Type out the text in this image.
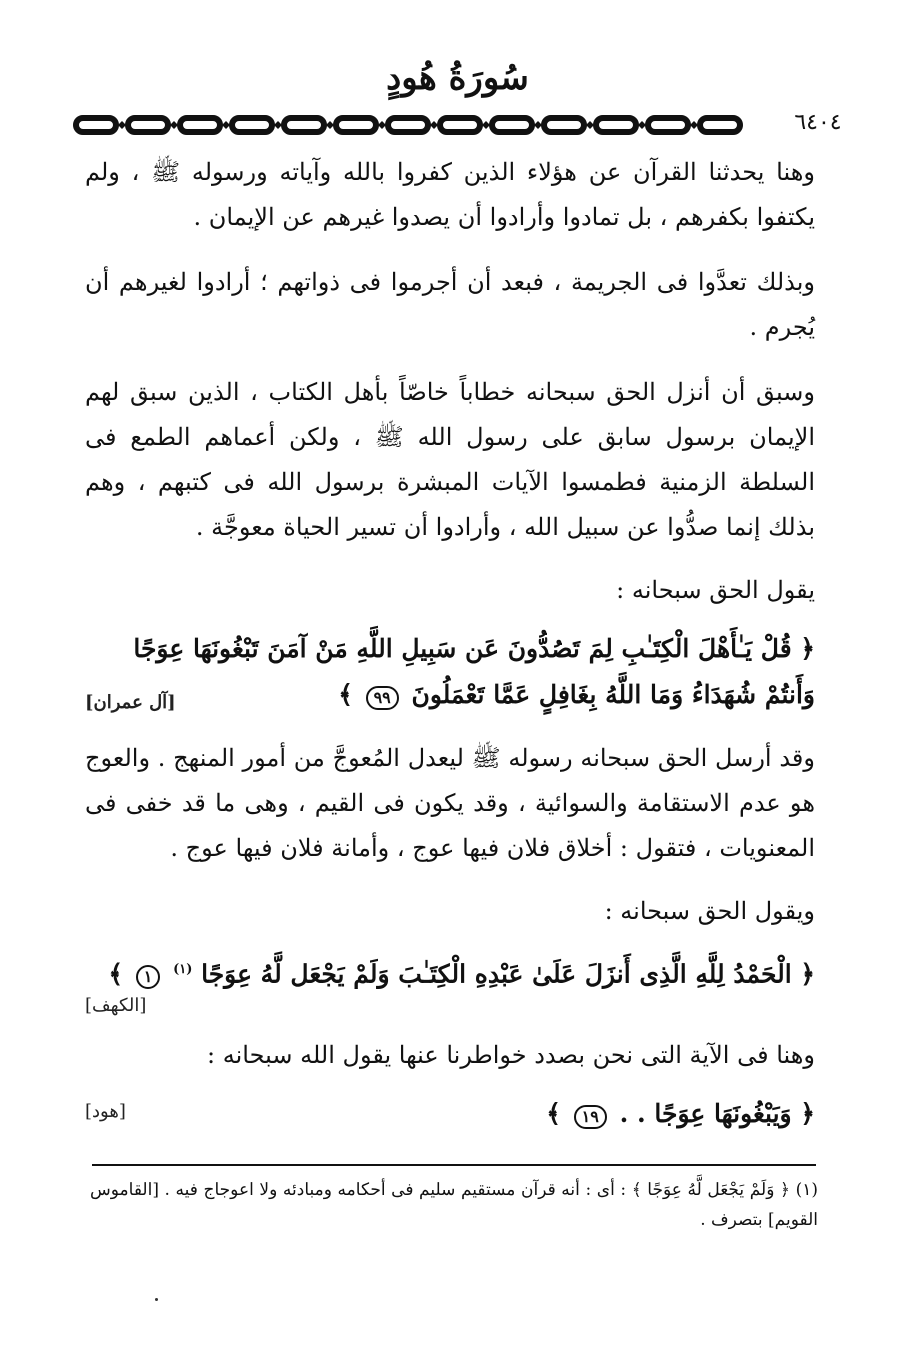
سُورَةُ هُودٍ
٦٤٠٤

وهنا يحدثنا القرآن عن هؤلاء الذين كفروا بالله وآياته ورسوله ﷺ ، ولم يكتفوا بكفرهم ، بل تمادوا وأرادوا أن يصدوا غيرهم عن الإيمان .

وبذلك تعدَّوا فى الجريمة ، فبعد أن أجرموا فى ذواتهم ؛ أرادوا لغيرهم أن يُجرم .

وسبق أن أنزل الحق سبحانه خطاباً خاصّاً بأهل الكتاب ، الذين سبق لهم الإيمان برسول سابق على رسول الله ﷺ ، ولكن أعماهم الطمع فى السلطة الزمنية فطمسوا الآيات المبشرة برسول الله فى كتبهم ، وهم بذلك إنما صدُّوا عن سبيل الله ، وأرادوا أن تسير الحياة معوجَّة .

يقول الحق سبحانه :

﴿ قُلْ يَـٰأَهْلَ الْكِتَـٰبِ لِمَ تَصُدُّونَ عَن سَبِيلِ اللَّهِ مَنْ آمَنَ تَبْغُونَهَا عِوَجًا
وَأَنتُمْ شُهَدَاءُ وَمَا اللَّهُ بِغَافِلٍ عَمَّا تَعْمَلُونَ ٩٩ ﴾
[آل عمران]

وقد أرسل الحق سبحانه رسوله ﷺ ليعدل المُعوجَّ من أمور المنهج . والعوج هو عدم الاستقامة والسوائية ، وقد يكون فى القيم ، وهى ما قد خفى فى المعنويات ، فتقول : أخلاق فلان فيها عوج ، وأمانة فلان فيها عوج .

ويقول الحق سبحانه :

﴿ الْحَمْدُ لِلَّهِ الَّذِى أَنزَلَ عَلَىٰ عَبْدِهِ الْكِتَـٰبَ وَلَمْ يَجْعَل لَّهُ عِوَجًا $^{(١)}$ ١ ﴾
[الكهف]

وهنا فى الآية التى نحن بصدد خواطرنا عنها يقول الله سبحانه :

﴿ وَيَبْغُونَهَا عِوَجًا . . ١٩ ﴾
[هود]
(١) ﴿ وَلَمْ يَجْعَل لَّهُ عِوَجًا ﴾ : أى : أنه قرآن مستقيم سليم فى أحكامه ومبادئه ولا اعوجاج فيه . [القاموس القويم] بتصرف .
